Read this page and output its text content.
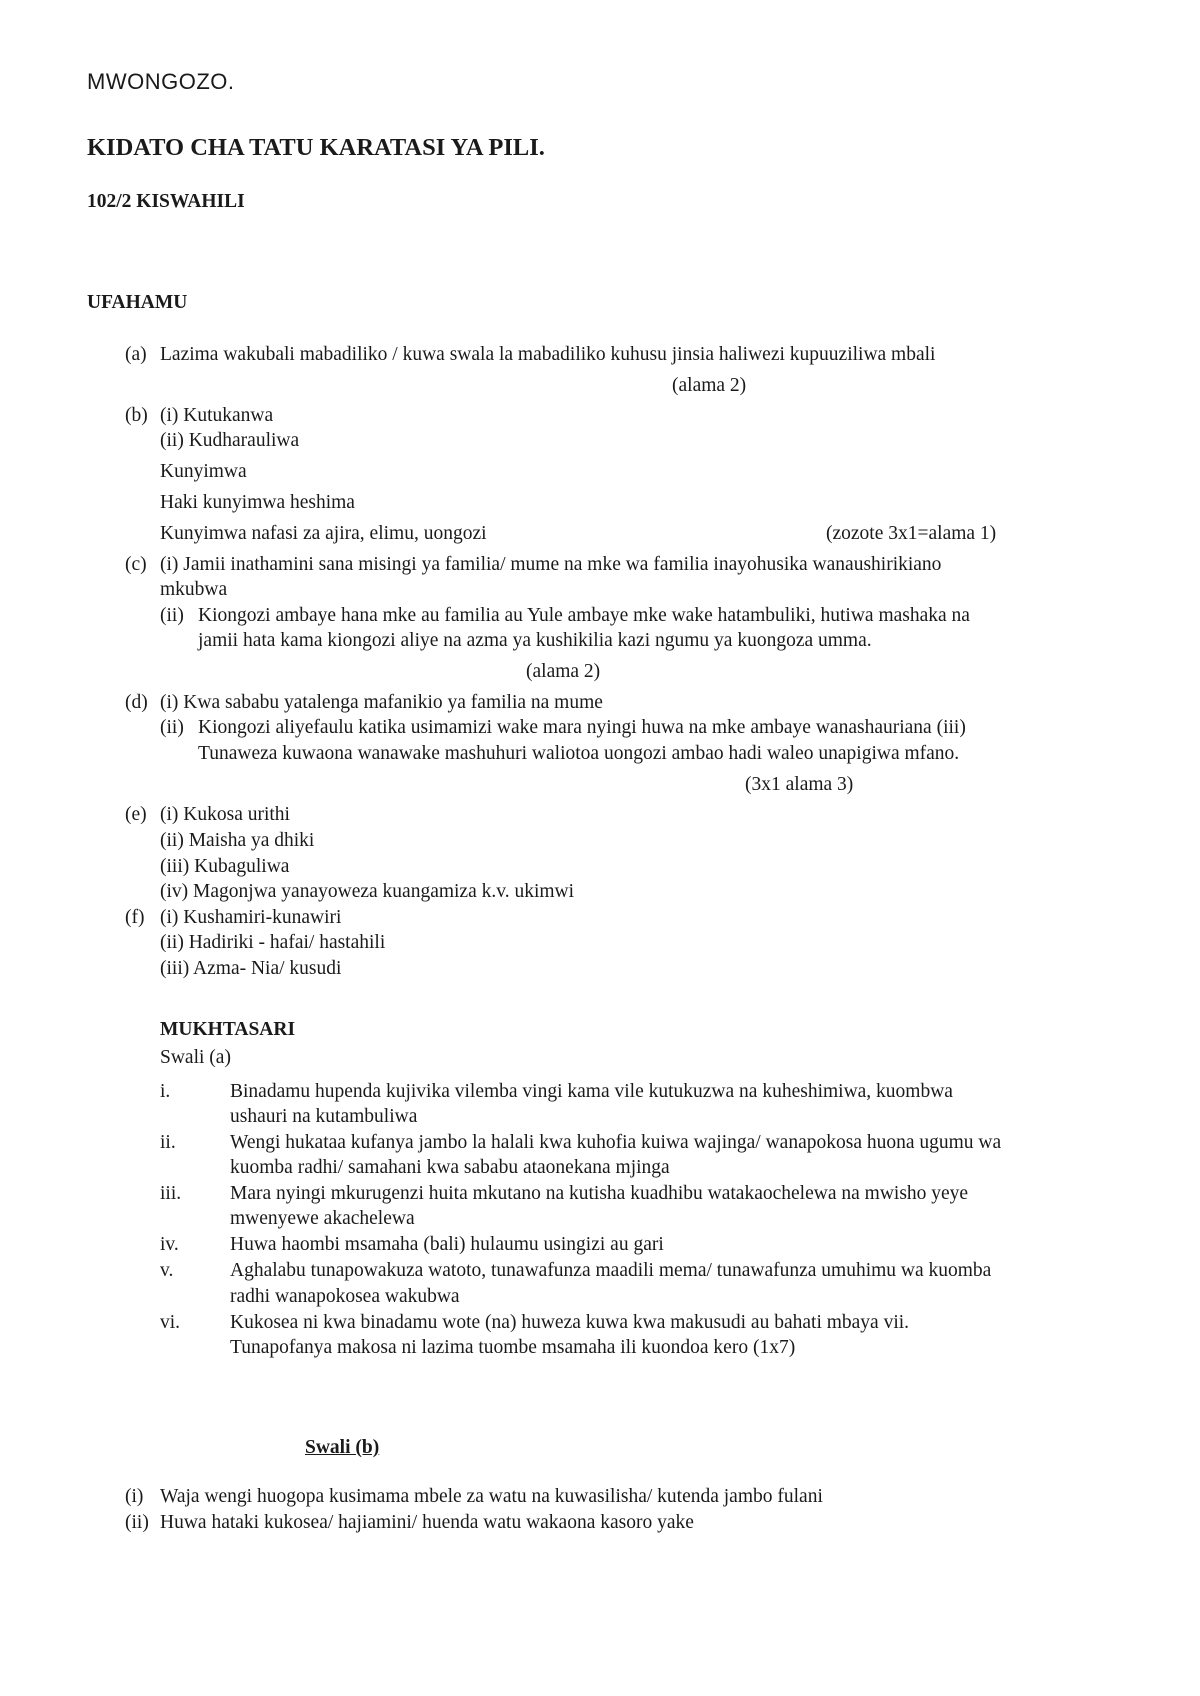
MWONGOZO.
KIDATO CHA TATU KARATASI YA PILI.
102/2 KISWAHILI
UFAHAMU
(a) Lazima wakubali mabadiliko / kuwa swala la mabadiliko kuhusu jinsia haliwezi kupuuziliwa mbali
(alama 2)
(b) (i) Kutukanwa
(ii) Kudharauliwa
Kunyimwa
Haki kunyimwa heshima
Kunyimwa nafasi za ajira, elimu, uongozi	(zozote 3x1=alama 1)
(c) (i) Jamii inathamini sana misingi ya familia/ mume na mke wa familia inayohusika wanaushirikiano
mkubwa
(ii) Kiongozi ambaye hana mke au familia au Yule ambaye mke wake hatambuliki, hutiwa mashaka na
jamii hata kama kiongozi aliye na azma ya kushikilia kazi ngumu ya kuongoza umma.
(alama 2)
(d) (i) Kwa sababu yatalenga mafanikio ya familia na mume
(ii) Kiongozi aliyefaulu katika usimamizi wake mara nyingi huwa na mke ambaye wanashauriana (iii)
Tunaweza kuwaona wanawake mashuhuri waliotoa uongozi ambao hadi waleo unapigiwa mfano.
(3x1 alama 3)
(e) (i) Kukosa urithi
(ii) Maisha ya dhiki
(iii) Kubaguliwa
(iv) Magonjwa yanayoweza kuangamiza k.v. ukimwi
(f) (i) Kushamiri-kunawiri
(ii) Hadiriki - hafai/ hastahili
(iii) Azma- Nia/ kusudi
MUKHTASARI
Swali (a)
i.	Binadamu hupenda kujivika vilemba vingi kama vile kutukuzwa na kuheshimiwa, kuombwa
ushauri na kutambuliwa
ii.	Wengi hukataa kufanya jambo la halali kwa kuhofia kuiwa wajinga/ wanapokosa huona ugumu wa
kuomba radhi/ samahani kwa sababu ataonekana mjinga
iii.	Mara nyingi mkurugenzi huita mkutano na kutisha kuadhibu watakaochelewa na mwisho yeye
mwenyewe akachelewa
iv.	Huwa haombi msamaha (bali) hulaumu usingizi au gari
v.	Aghalabu tunapowakuza watoto, tunawafunza maadili mema/ tunawafunza umuhimu wa kuomba
radhi wanapokosea wakubwa
vi.	Kukosea ni kwa binadamu wote (na) huweza kuwa kwa makusudi au bahati mbaya vii.
Tunapofanya makosa ni lazima tuombe msamaha ili kuondoa kero (1x7)
Swali (b)
(i) Waja wengi huogopa kusimama mbele za watu na kuwasilisha/ kutenda jambo fulani
(ii) Huwa hataki kukosea/ hajiamini/ huenda watu wakaona kasoro yake
